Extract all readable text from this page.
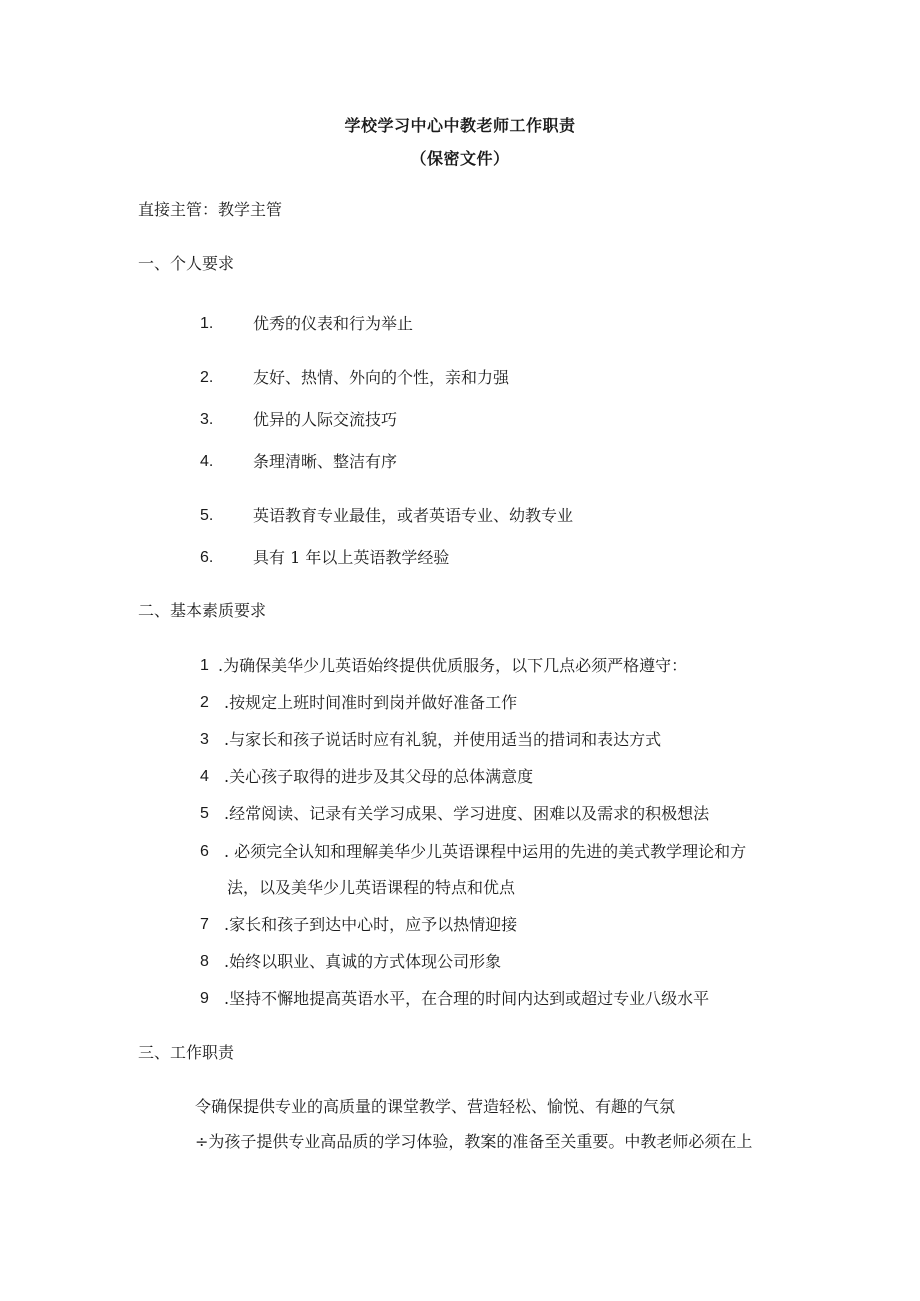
学校学习中心中教老师工作职责
（保密文件）
直接主管：教学主管
一、个人要求
1. 优秀的仪表和行为举止
2. 友好、热情、外向的个性，亲和力强
3. 优异的人际交流技巧
4. 条理清晰、整洁有序
5. 英语教育专业最佳，或者英语专业、幼教专业
6. 具有 1 年以上英语教学经验
二、基本素质要求
1 .为确保美华少儿英语始终提供优质服务，以下几点必须严格遵守：
2 .按规定上班时间准时到岗并做好准备工作
3 .与家长和孩子说话时应有礼貌，并使用适当的措词和表达方式
4 .关心孩子取得的进步及其父母的总体满意度
5 .经常阅读、记录有关学习成果、学习进度、困难以及需求的积极想法
6 . 必须完全认知和理解美华少儿英语课程中运用的先进的美式教学理论和方
法，以及美华少儿英语课程的特点和优点
7 .家长和孩子到达中心时，应予以热情迎接
8 .始终以职业、真诚的方式体现公司形象
9 .坚持不懈地提高英语水平，在合理的时间内达到或超过专业八级水平
三、工作职责
令确保提供专业的高质量的课堂教学、营造轻松、愉悦、有趣的气氛
÷为孩子提供专业高品质的学习体验，教案的准备至关重要。中教老师必须在上
